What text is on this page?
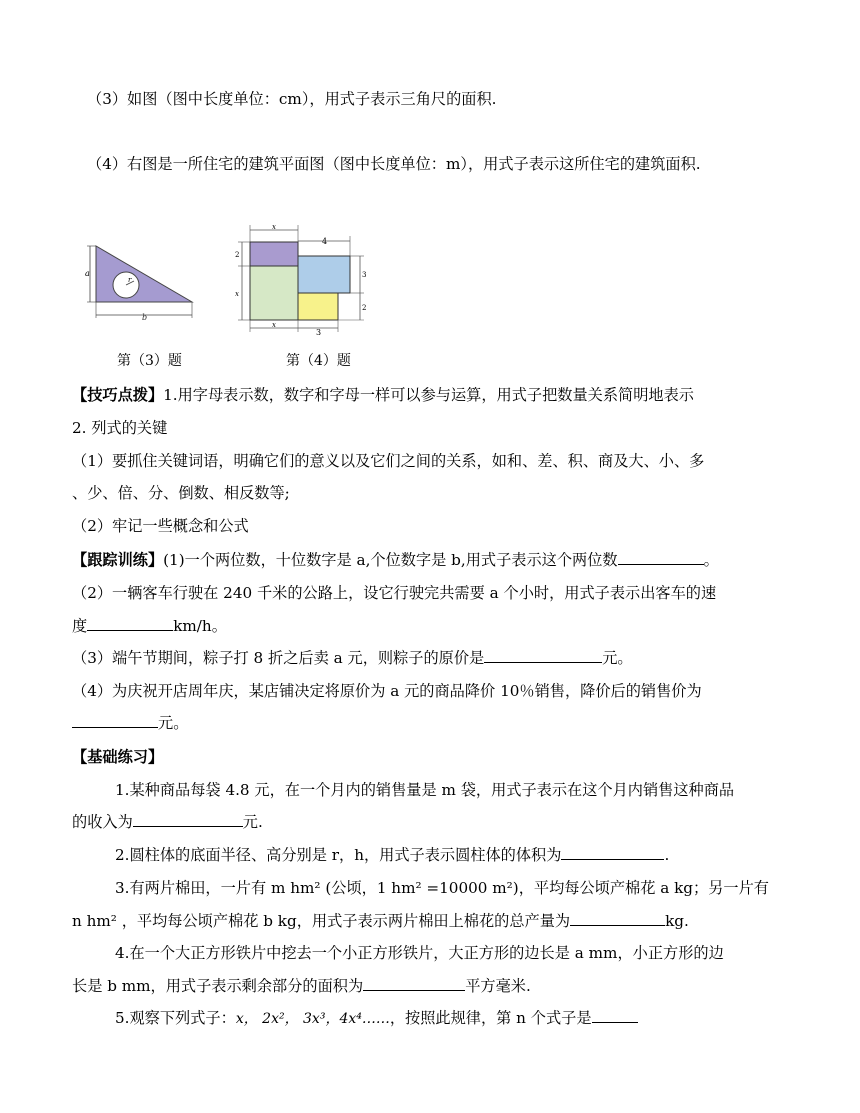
（3）如图（图中长度单位：cm），用式子表示三角尺的面积.
（4）右图是一所住宅的建筑平面图（图中长度单位：m），用式子表示这所住宅的建筑面积.
r
a
b
第（3）题
x
4
2
x
3
2
x
3
第（4）题
【技巧点拨】1.用字母表示数，数字和字母一样可以参与运算，用式子把数量关系简明地表示
2. 列式的关键
（1）要抓住关键词语，明确它们的意义以及它们之间的关系，如和、差、积、商及大、小、多
、少、倍、分、倒数、相反数等;
（2）牢记一些概念和公式
【跟踪训练】(1)一个两位数，十位数字是 a,个位数字是 b,用式子表示这个两位数	。
（2）一辆客车行驶在 240 千米的公路上，设它行驶完共需要 a 个小时，用式子表示出客车的速
度	km/h。
（3）端午节期间，粽子打 8 折之后卖 a 元，则粽子的原价是	元。
（4）为庆祝开店周年庆，某店铺决定将原价为 a 元的商品降价 10％销售，降价后的销售价为
元。
【基础练习】
1.某种商品每袋 4.8 元，在一个月内的销售量是 m 袋，用式子表示在这个月内销售这种商品
的收入为	元.
2.圆柱体的底面半径、高分别是 r，h，用式子表示圆柱体的体积为	.
3.有两片棉田，一片有 m hm² (公顷，1 hm² =10000 m²)，平均每公顷产棉花 a kg；另一片有
n hm² ，平均每公顷产棉花 b kg，用式子表示两片棉田上棉花的总产量为	kg.
4.在一个大正方形铁片中挖去一个小正方形铁片，大正方形的边长是 a mm，小正方形的边
长是 b mm，用式子表示剩余部分的面积为	平方毫米.
5.观察下列式子：x， 2x²， 3x³，4x⁴……，按照此规律，第 n 个式子是
